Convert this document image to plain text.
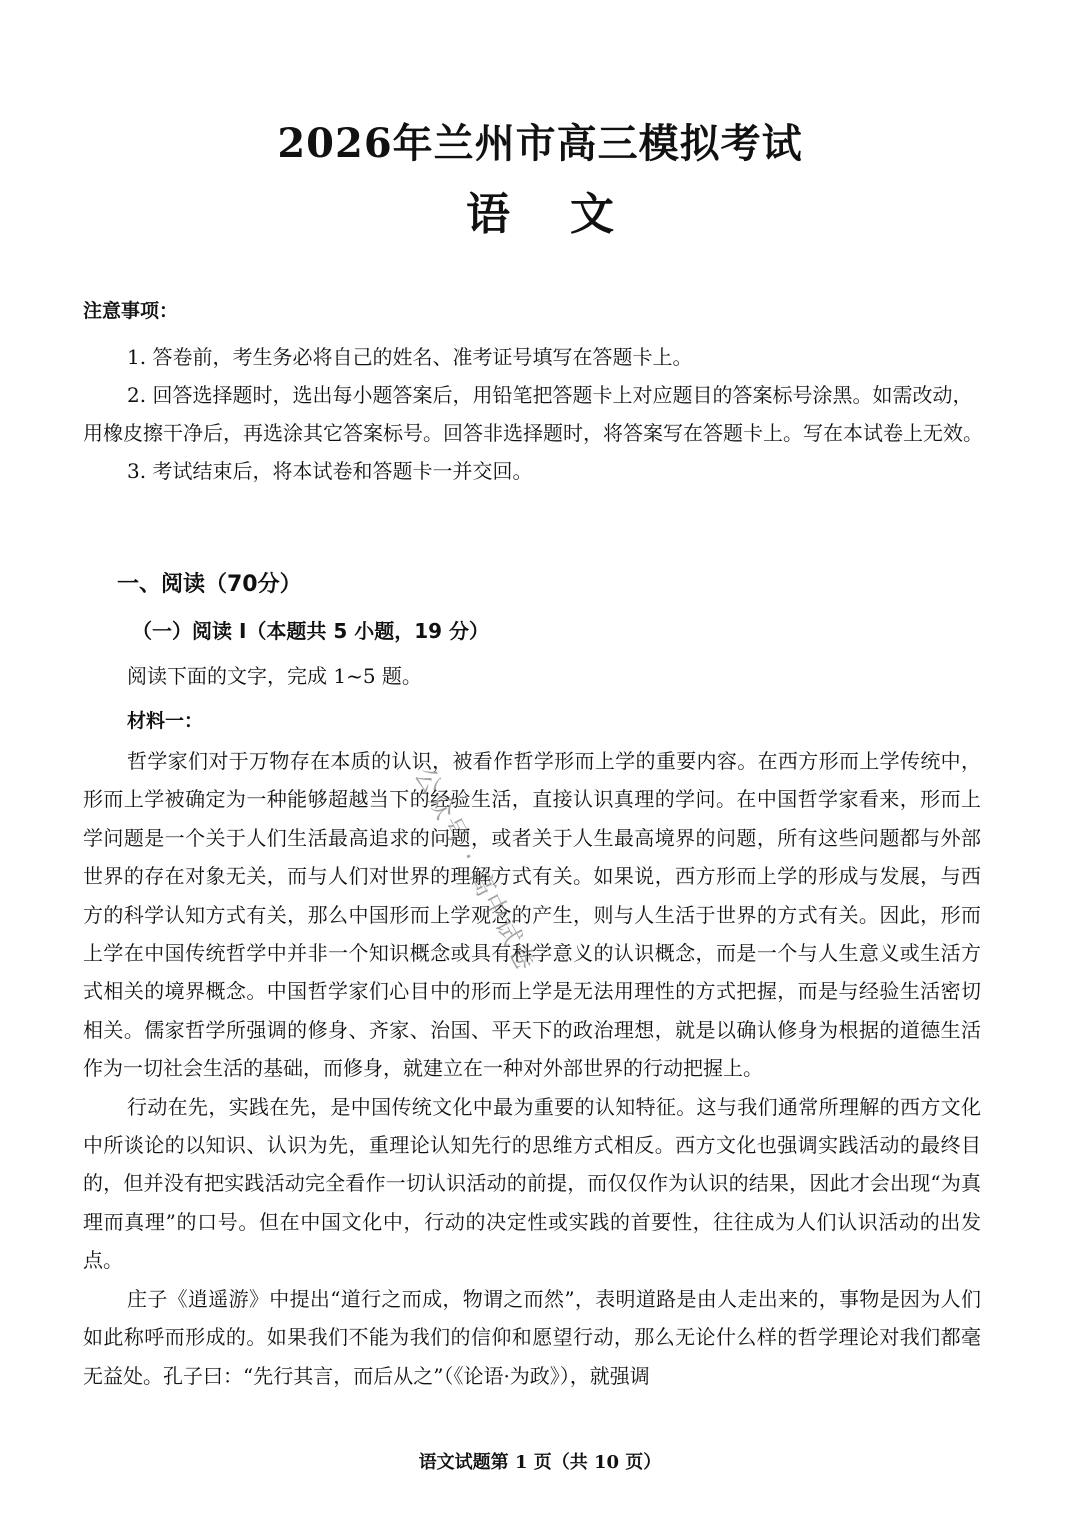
2026年兰州市高三模拟考试
语文
注意事项：
1. 答卷前，考生务必将自己的姓名、准考证号填写在答题卡上。
2. 回答选择题时，选出每小题答案后，用铅笔把答题卡上对应题目的答案标号涂黑。如需改动，用橡皮擦干净后，再选涂其它答案标号。回答非选择题时，将答案写在答题卡上。写在本试卷上无效。
3. 考试结束后，将本试卷和答题卡一并交回。
一、阅读（70分）
（一）阅读 I（本题共 5 小题，19 分）

阅读下面的文字，完成 1~5 题。

材料一：

哲学家们对于万物存在本质的认识，被看作哲学形而上学的重要内容。在西方形而上学传统中，形而上学被确定为一种能够超越当下的经验生活，直接认识真理的学问。在中国哲学家看来，形而上学问题是一个关于人们生活最高追求的问题，或者关于人生最高境界的问题，所有这些问题都与外部世界的存在对象无关，而与人们对世界的理解方式有关。如果说，西方形而上学的形成与发展，与西方的科学认知方式有关，那么中国形而上学观念的产生，则与人生活于世界的方式有关。因此，形而上学在中国传统哲学中并非一个知识概念或具有科学意义的认识概念，而是一个与人生意义或生活方式相关的境界概念。中国哲学家们心目中的形而上学是无法用理性的方式把握，而是与经验生活密切相关。儒家哲学所强调的修身、齐家、治国、平天下的政治理想，就是以确认修身为根据的道德生活作为一切社会生活的基础，而修身，就建立在一种对外部世界的行动把握上。

行动在先，实践在先，是中国传统文化中最为重要的认知特征。这与我们通常所理解的西方文化中所谈论的以知识、认识为先，重理论认知先行的思维方式相反。西方文化也强调实践活动的最终目的，但并没有把实践活动完全看作一切认识活动的前提，而仅仅作为认识的结果，因此才会出现“为真理而真理”的口号。但在中国文化中，行动的决定性或实践的首要性，往往成为人们认识活动的出发点。

庄子《逍遥游》中提出“道行之而成，物谓之而然”，表明道路是由人走出来的，事物是因为人们如此称呼而形成的。如果我们不能为我们的信仰和愿望行动，那么无论什么样的哲学理论对我们都毫无益处。孔子曰：“先行其言，而后从之”（《论语·为政》），就强调

公众号 · 高中试卷

语文试题第 1 页（共 10 页）
